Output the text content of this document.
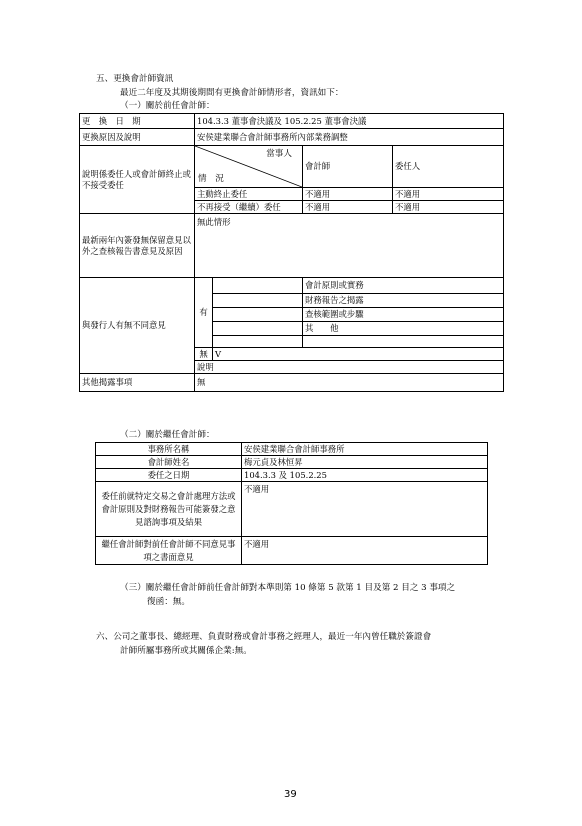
五、更換會計師資訊
最近二年度及其期後期間有更換會計師情形者，資訊如下：
（一）關於前任會計師：
更　換　日　期	104.3.3 董事會決議及 105.2.25 董事會決議			
更換原因及說明	安侯建業聯合會計師事務所內部業務調整			
說明係委任人或會計師終止或不接受委任	當事人
情　況		會計師	委任人
	主動終止委任		不適用	不適用
	不再接受（繼續）委任		不適用	不適用
最新兩年內簽發無保留意見以外之查核報告書意見及原因	無此情形			
與發行人有無不同意見	有		會計原則或實務	
			財務報告之揭露	
			查核範圍或步驟	
			其　　他	

	無	V		
	說明			
其他揭露事項	無			
（二）關於繼任會計師：
事務所名稱	安侯建業聯合會計師事務所
會計師姓名	梅元貞及林恒昇
委任之日期	104.3.3 及 105.2.25
委任前就特定交易之會計處理方法或會計原則及對財務報告可能簽發之意見諮詢事項及結果	不適用
繼任會計師對前任會計師不同意見事項之書面意見	不適用
（三）關於繼任會計師前任會計師對本準則第 10 條第 5 款第 1 目及第 2 目之 3 事項之
復函：無。
六、公司之董事長、總經理、負責財務或會計事務之經理人，最近一年內曾任職於簽證會
計師所屬事務所或其關係企業:無。
39
